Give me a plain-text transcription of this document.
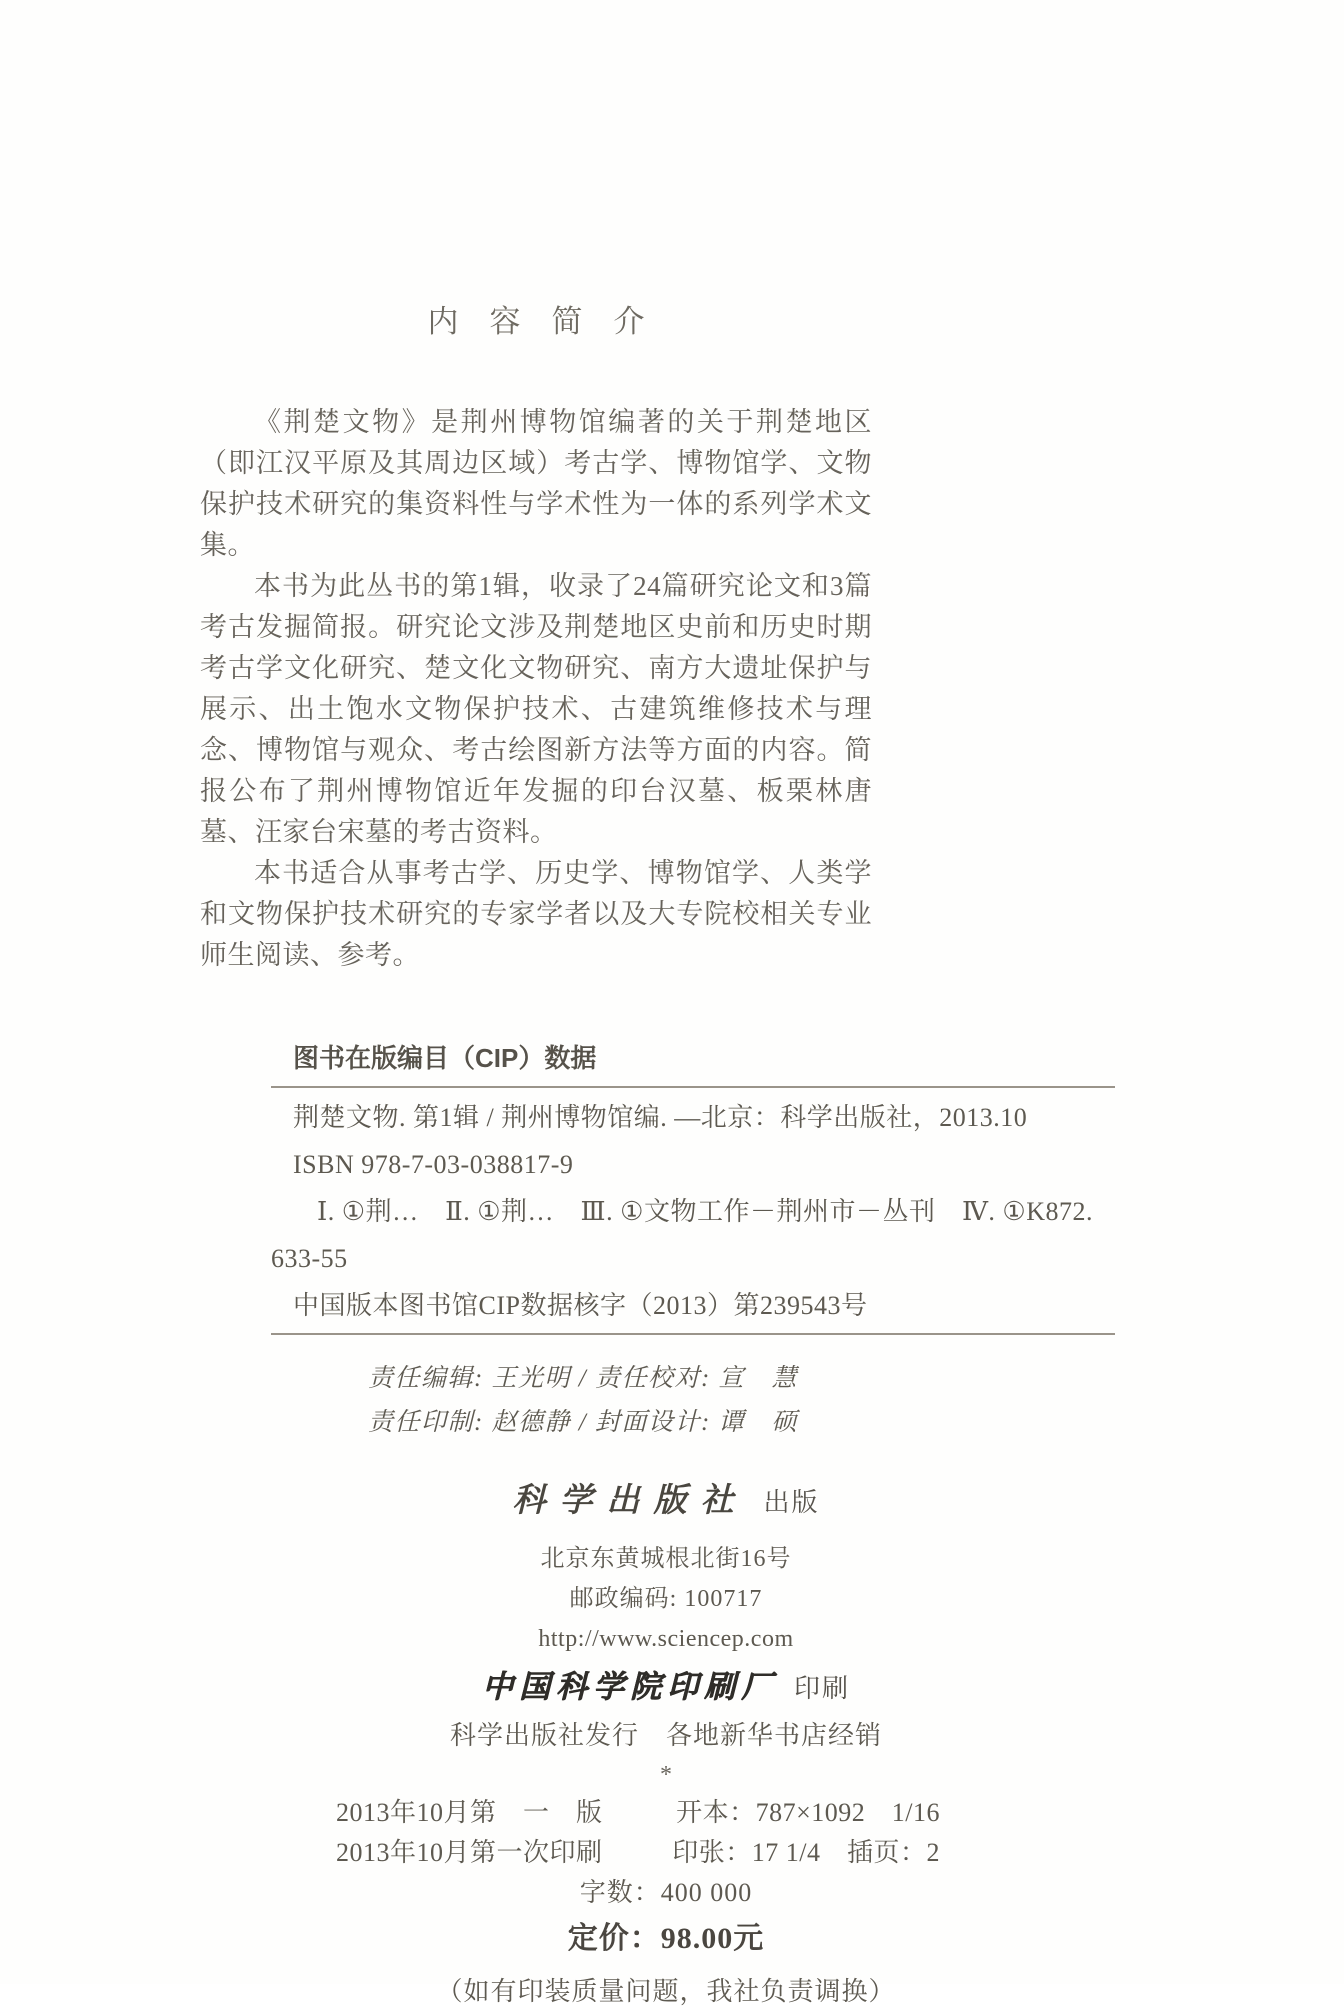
内　容　简　介

《荆楚文物》是荆州博物馆编著的关于荆楚地区（即江汉平原及其周边区域）考古学、博物馆学、文物保护技术研究的集资料性与学术性为一体的系列学术文集。

本书为此丛书的第1辑，收录了24篇研究论文和3篇考古发掘简报。研究论文涉及荆楚地区史前和历史时期考古学文化研究、楚文化文物研究、南方大遗址保护与展示、出土饱水文物保护技术、古建筑维修技术与理念、博物馆与观众、考古绘图新方法等方面的内容。简报公布了荆州博物馆近年发掘的印台汉墓、板栗林唐墓、汪家台宋墓的考古资料。

本书适合从事考古学、历史学、博物馆学、人类学和文物保护技术研究的专家学者以及大专院校相关专业师生阅读、参考。

图书在版编目（CIP）数据
荆楚文物. 第1辑 / 荆州博物馆编. —北京：科学出版社，2013.10
ISBN 978-7-03-038817-9
Ⅰ. ①荆…　Ⅱ. ①荆…　Ⅲ. ①文物工作－荆州市－丛刊　Ⅳ. ①K872.
633-55
中国版本图书馆CIP数据核字（2013）第239543号
责任编辑: 王光明 / 责任校对: 宣　慧
责任印制: 赵德静 / 封面设计: 谭　硕
科学出版社 出版
北京东黄城根北街16号
邮政编码: 100717
http://www.sciencep.com
中国科学院印刷厂 印刷
科学出版社发行　各地新华书店经销
*
2013年10月第　一　版	开本：787×1092　1/16
2013年10月第一次印刷	印张：17 1/4　插页：2
字数：400 000
定价：98.00元
（如有印装质量问题，我社负责调换）
